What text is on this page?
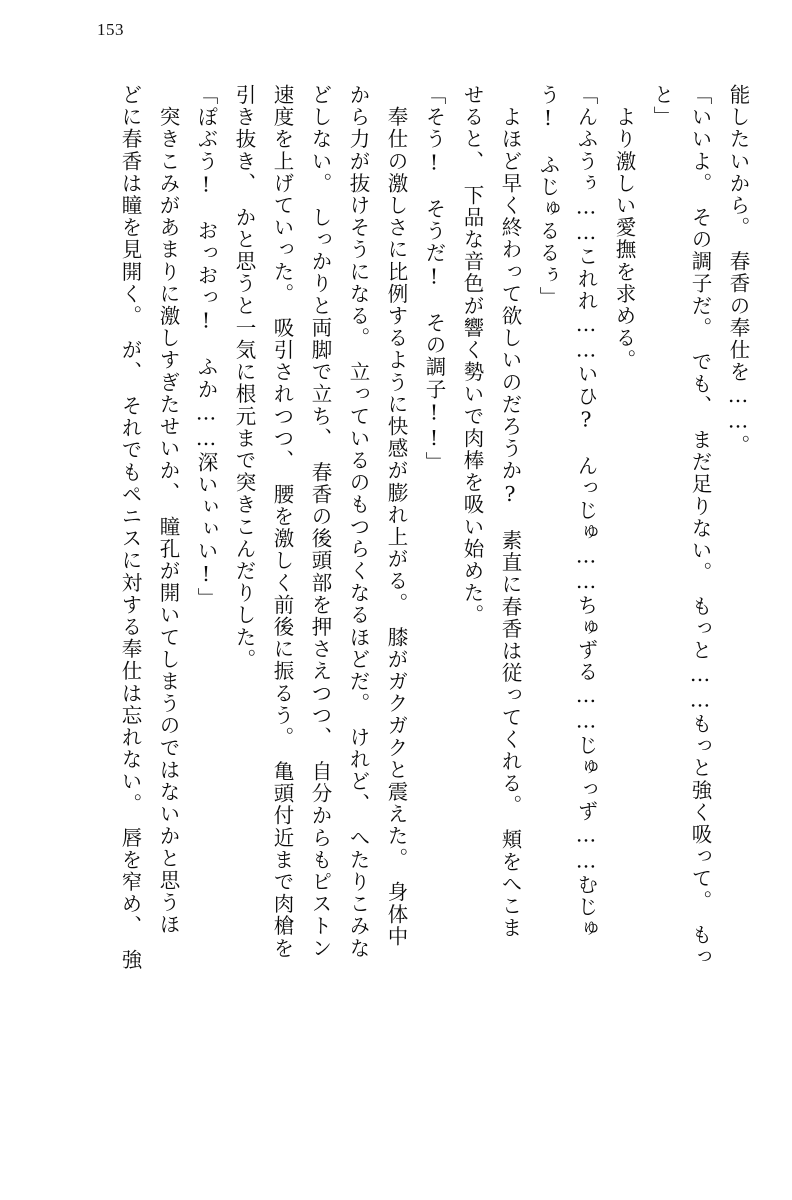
153
能したいから。　春香の奉仕を……。
「いいよ。　その調子だ。　でも、　まだ足りない。　もっと……もっと強く吸って。　もっ
と」
　より激しい愛撫を求める。
「んふうぅ……これれ……いひ?　んっじゅ……ちゅずる……じゅっず……むじゅ
う!　ふじゅるるぅ」
　よほど早く終わって欲しいのだろうか?　素直に春香は従ってくれる。　頬をへこま
せると、　下品な音色が響く勢いで肉棒を吸い始めた。
「そう!　そうだ!　その調子!!」
　奉仕の激しさに比例するように快感が膨れ上がる。　膝がガクガクと震えた。　身体中
から力が抜けそうになる。　立っているのもつらくなるほどだ。　けれど、　へたりこみな
どしない。　しっかりと両脚で立ち、　春香の後頭部を押さえつつ、　自分からもピストン
速度を上げていった。　吸引されつつ、　腰を激しく前後に振るう。　亀頭付近まで肉槍を
引き抜き、　かと思うと一気に根元まで突きこんだりした。
「ぽぶう!　おっおっ!　ふか……深いぃぃい!」
　突きこみがあまりに激しすぎたせいか、　瞳孔が開いてしまうのではないかと思うほ
どに春香は瞳を見開く。　が、　それでもペニスに対する奉仕は忘れない。　唇を窄め、　強
